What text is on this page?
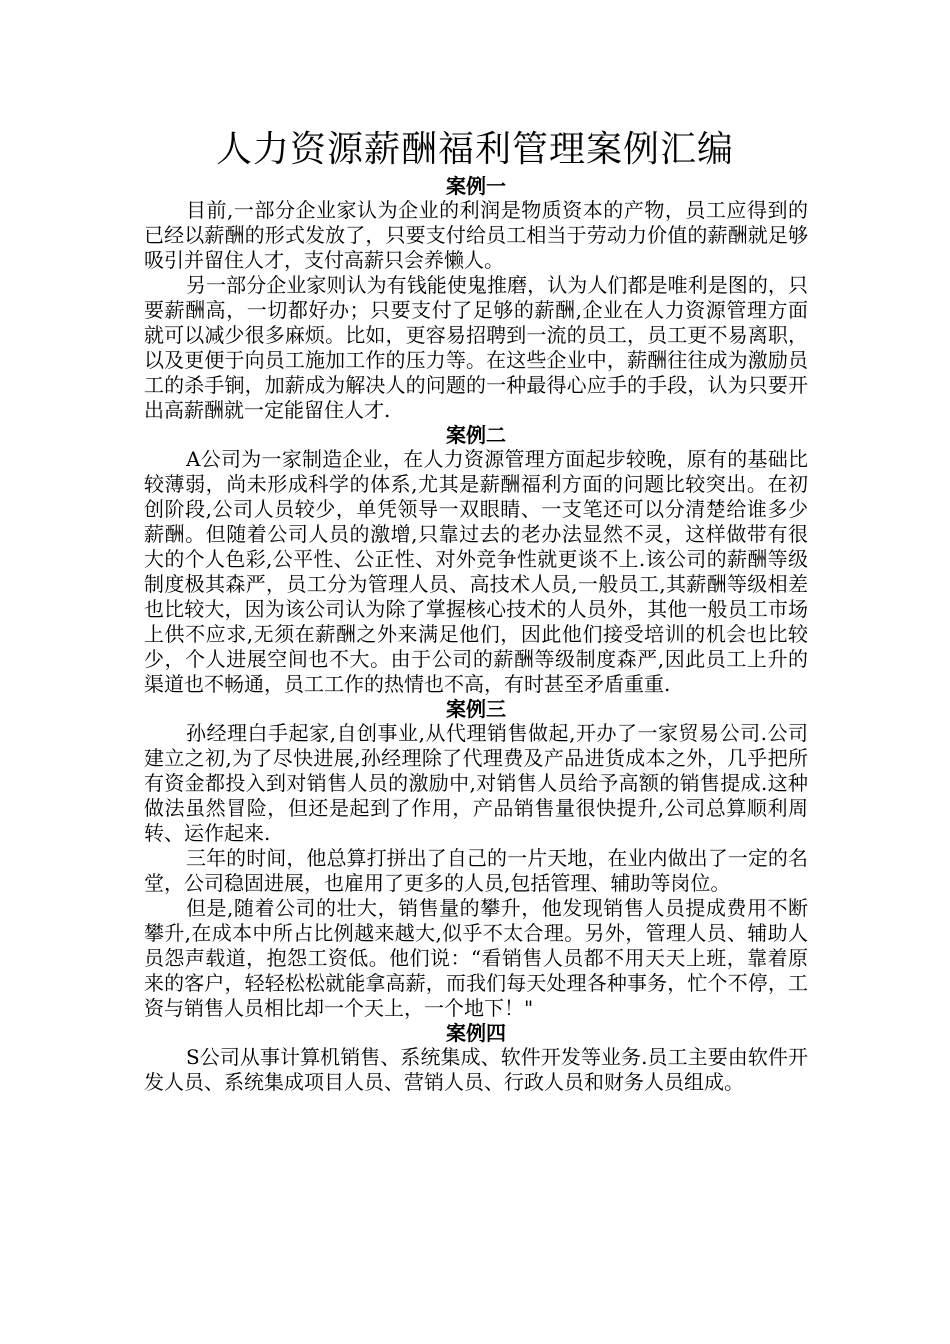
人力资源薪酬福利管理案例汇编
案例一

目前,一部分企业家认为企业的利润是物质资本的产物，员工应得到的已经以薪酬的形式发放了，只要支付给员工相当于劳动力价值的薪酬就足够吸引并留住人才，支付高薪只会养懒人。

另一部分企业家则认为有钱能使鬼推磨，认为人们都是唯利是图的，只要薪酬高，一切都好办；只要支付了足够的薪酬,企业在人力资源管理方面就可以减少很多麻烦。比如，更容易招聘到一流的员工，员工更不易离职，以及更便于向员工施加工作的压力等。在这些企业中，薪酬往往成为激励员工的杀手锏，加薪成为解决人的问题的一种最得心应手的手段，认为只要开出高薪酬就一定能留住人才.

案例二

A公司为一家制造企业，在人力资源管理方面起步较晚，原有的基础比较薄弱，尚未形成科学的体系,尤其是薪酬福利方面的问题比较突出。在初创阶段,公司人员较少，单凭领导一双眼睛、一支笔还可以分清楚给谁多少薪酬。但随着公司人员的激增,只靠过去的老办法显然不灵，这样做带有很大的个人色彩,公平性、公正性、对外竞争性就更谈不上.该公司的薪酬等级制度极其森严，员工分为管理人员、高技术人员,一般员工,其薪酬等级相差也比较大，因为该公司认为除了掌握核心技术的人员外，其他一般员工市场上供不应求,无须在薪酬之外来满足他们，因此他们接受培训的机会也比较少，个人进展空间也不大。由于公司的薪酬等级制度森严,因此员工上升的渠道也不畅通，员工工作的热情也不高，有时甚至矛盾重重.

案例三

孙经理白手起家,自创事业,从代理销售做起,开办了一家贸易公司.公司建立之初,为了尽快进展,孙经理除了代理费及产品进货成本之外，几乎把所有资金都投入到对销售人员的激励中,对销售人员给予高额的销售提成.这种做法虽然冒险，但还是起到了作用，产品销售量很快提升,公司总算顺利周转、运作起来.

三年的时间，他总算打拼出了自己的一片天地，在业内做出了一定的名堂，公司稳固进展，也雇用了更多的人员,包括管理、辅助等岗位。

但是,随着公司的壮大，销售量的攀升，他发现销售人员提成费用不断攀升,在成本中所占比例越来越大,似乎不太合理。另外，管理人员、辅助人员怨声载道，抱怨工资低。他们说：“看销售人员都不用天天上班，靠着原来的客户，轻轻松松就能拿高薪，而我们每天处理各种事务，忙个不停，工资与销售人员相比却一个天上，一个地下！"

案例四

S公司从事计算机销售、系统集成、软件开发等业务.员工主要由软件开发人员、系统集成项目人员、营销人员、行政人员和财务人员组成。
